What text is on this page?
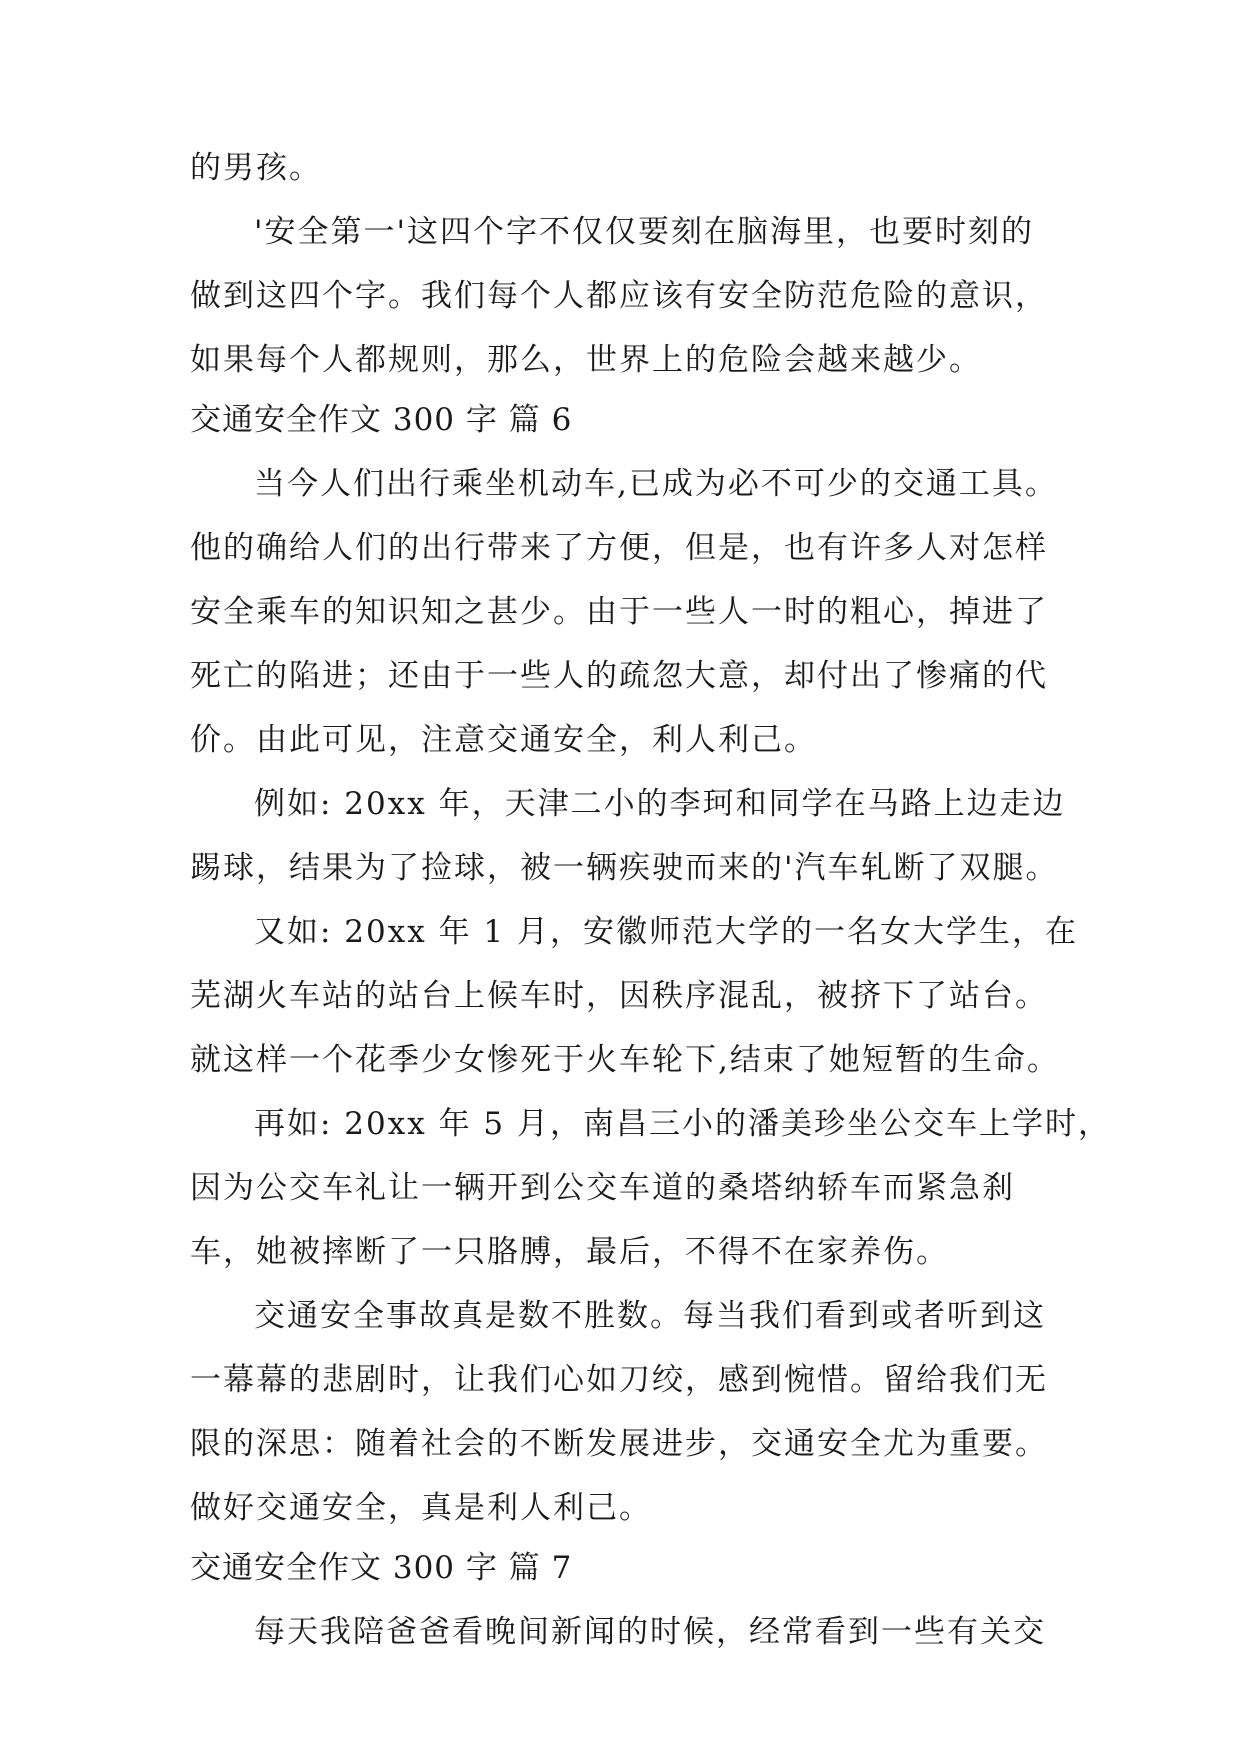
的男孩。
'安全第一'这四个字不仅仅要刻在脑海里，也要时刻的
做到这四个字。我们每个人都应该有安全防范危险的意识，
如果每个人都规则，那么，世界上的危险会越来越少。
交通安全作文 300 字 篇 6
当今人们出行乘坐机动车,已成为必不可少的交通工具。
他的确给人们的出行带来了方便，但是，也有许多人对怎样
安全乘车的知识知之甚少。由于一些人一时的粗心，掉进了
死亡的陷进；还由于一些人的疏忽大意，却付出了惨痛的代
价。由此可见，注意交通安全，利人利己。
例如: 20xx 年，天津二小的李珂和同学在马路上边走边
踢球，结果为了捡球，被一辆疾驶而来的'汽车轧断了双腿。
又如: 20xx 年 1 月，安徽师范大学的一名女大学生，在
芜湖火车站的站台上候车时，因秩序混乱，被挤下了站台。
就这样一个花季少女惨死于火车轮下,结束了她短暂的生命。
再如: 20xx 年 5 月，南昌三小的潘美珍坐公交车上学时，
因为公交车礼让一辆开到公交车道的桑塔纳轿车而紧急刹
车，她被摔断了一只胳膊，最后，不得不在家养伤。
交通安全事故真是数不胜数。每当我们看到或者听到这
一幕幕的悲剧时，让我们心如刀绞，感到惋惜。留给我们无
限的深思：随着社会的不断发展进步，交通安全尤为重要。
做好交通安全，真是利人利己。
交通安全作文 300 字 篇 7
每天我陪爸爸看晚间新闻的时候，经常看到一些有关交
